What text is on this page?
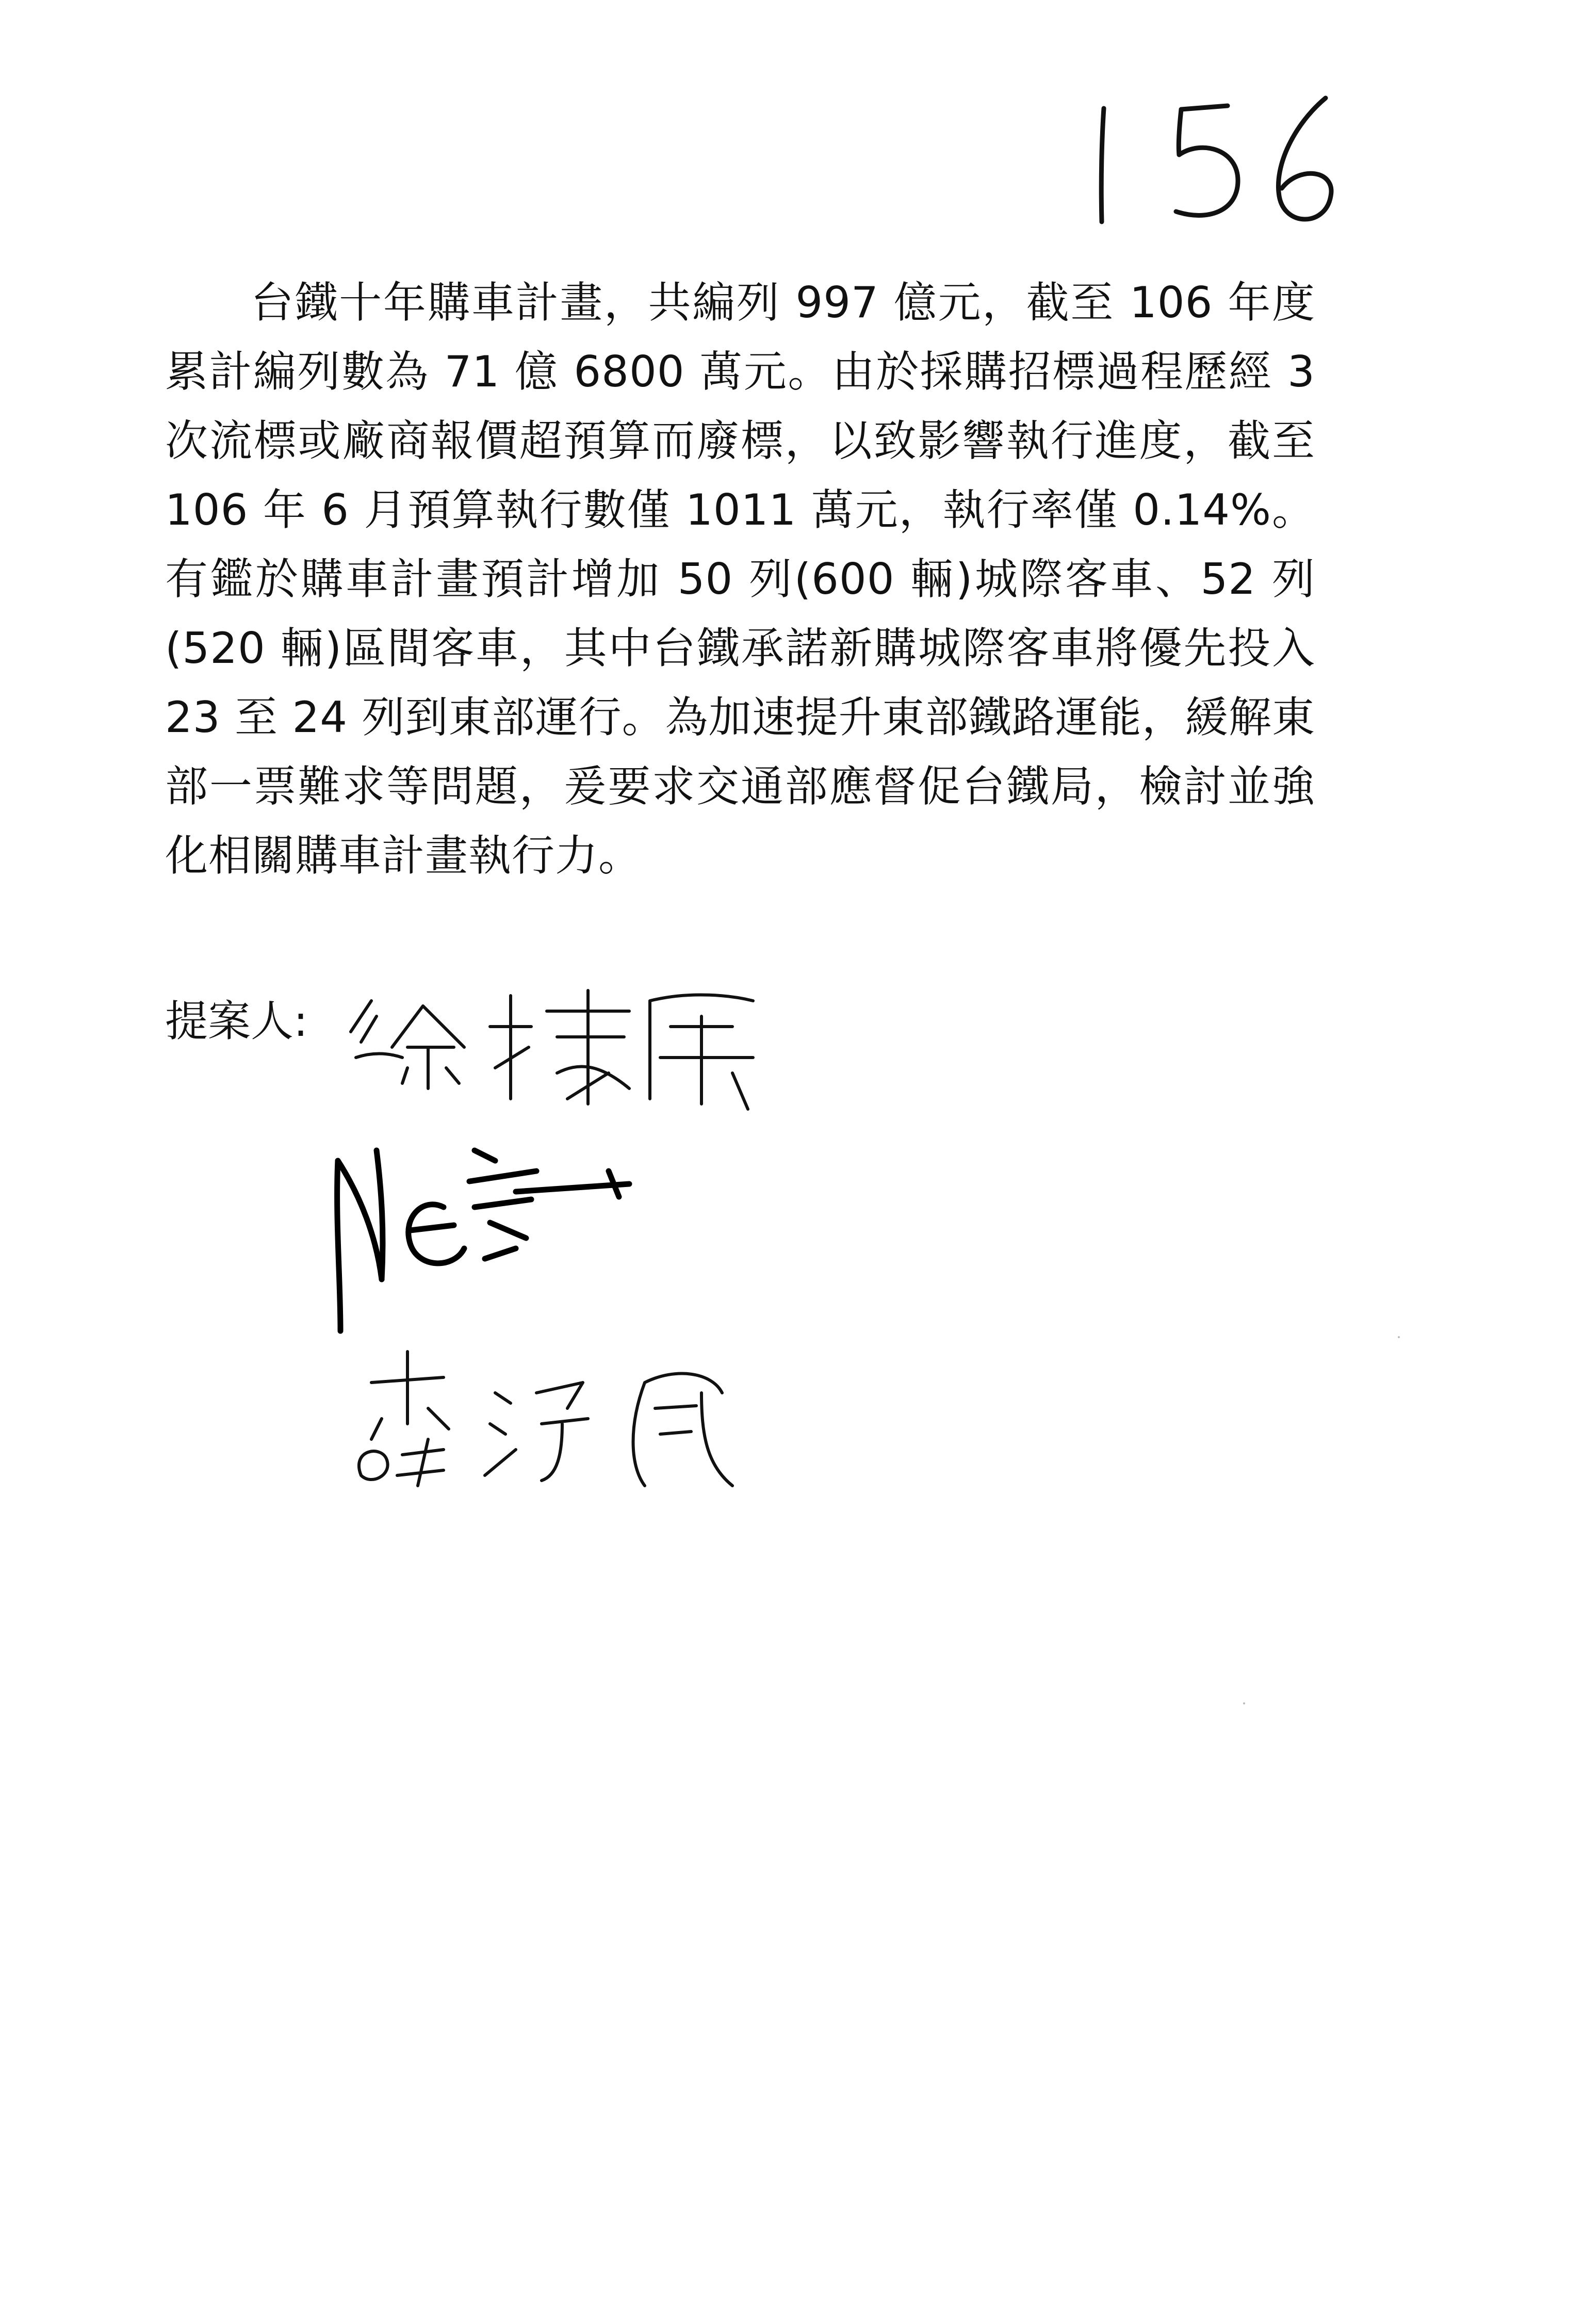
台鐵十年購車計畫，共編列 997 億元，截至 106 年度累計編列數為 71 億 6800 萬元。由於採購招標過程歷經 3 次流標或廠商報價超預算而廢標，以致影響執行進度，截至 106 年 6 月預算執行數僅 1011 萬元，執行率僅 0.14%。有鑑於購車計畫預計增加 50 列(600 輛)城際客車、52 列(520 輛)區間客車，其中台鐵承諾新購城際客車將優先投入 23 至 24 列到東部運行。為加速提升東部鐵路運能，緩解東部一票難求等問題，爰要求交通部應督促台鐵局，檢討並強化相關購車計畫執行力。

提案人:
